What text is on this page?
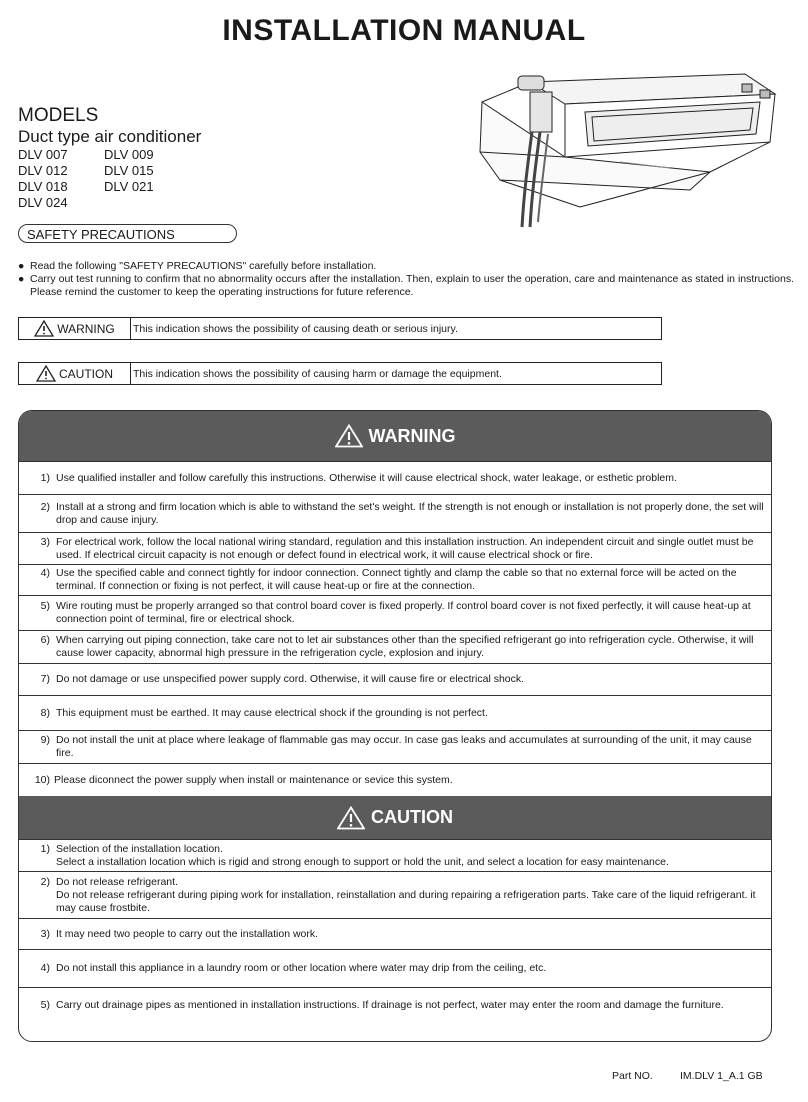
INSTALLATION MANUAL
MODELS
Duct type air conditioner
DLV 007	DLV 009
DLV 012	DLV 015
DLV 018	DLV 021
DLV 024
SAFETY PRECAUTIONS
● Read the following "SAFETY PRECAUTIONS" carefully before installation.
● Carry out test running to confirm that no abnormality occurs after the installation. Then, explain to user the operation, care and maintenance as stated in instructions. Please remind the customer to keep the operating instructions for future reference.
WARNING This indication shows the possibility of causing death or serious injury.
CAUTION This indication shows the possibility of causing harm or damage the equipment.
WARNING
1) Use qualified installer and follow carefully this instructions. Otherwise it will cause electrical shock, water leakage, or esthetic problem.
2) Install at a strong and firm location which is able to withstand the set's weight. If the strength is not enough or installation is not properly done, the set will drop and cause injury.
3) For electrical work, follow the local national wiring standard, regulation and this installation instruction. An independent circuit and single outlet must be used. If electrical circuit capacity is not enough or defect found in electrical work, it will cause electrical shock or fire.
4) Use the specified cable and connect tightly for indoor connection. Connect tightly and clamp the cable so that no external force will be acted on the terminal. If connection or fixing is not perfect, it will cause heat-up or fire at the connection.
5) Wire routing must be properly arranged so that control board cover is fixed properly. If control board cover is not fixed perfectly, it will cause heat-up at connection point of terminal, fire or electrical shock.
6) When carrying out piping connection, take care not to let air substances other than the specified refrigerant go into refrigeration cycle. Otherwise, it will cause lower capacity, abnormal high pressure in the refrigeration cycle, explosion and injury.
7) Do not damage or use unspecified power supply cord. Otherwise, it will cause fire or electrical shock.
8) This equipment must be earthed. It may cause electrical shock if the grounding is not perfect.
9) Do not install the unit at place where leakage of flammable gas may occur. In case gas leaks and accumulates at surrounding of the unit, it may cause fire.
10) Please diconnect the power supply when install or maintenance or sevice this system.
CAUTION
1) Selection of the installation location.
Select a installation location which is rigid and strong enough to support or hold the unit, and select a location for easy maintenance.
2) Do not release refrigerant.
Do not release refrigerant during piping work for installation, reinstallation and during repairing a refrigeration parts. Take care of the liquid refrigerant. it may cause frostbite.
3) It may need two people to carry out the installation work.
4) Do not install this appliance in a laundry room or other location where water may drip from the ceiling, etc.
5) Carry out drainage pipes as mentioned in installation instructions. If drainage is not perfect, water may enter the room and damage the furniture.
Part NO.	IM.DLV 1_A.1 GB
